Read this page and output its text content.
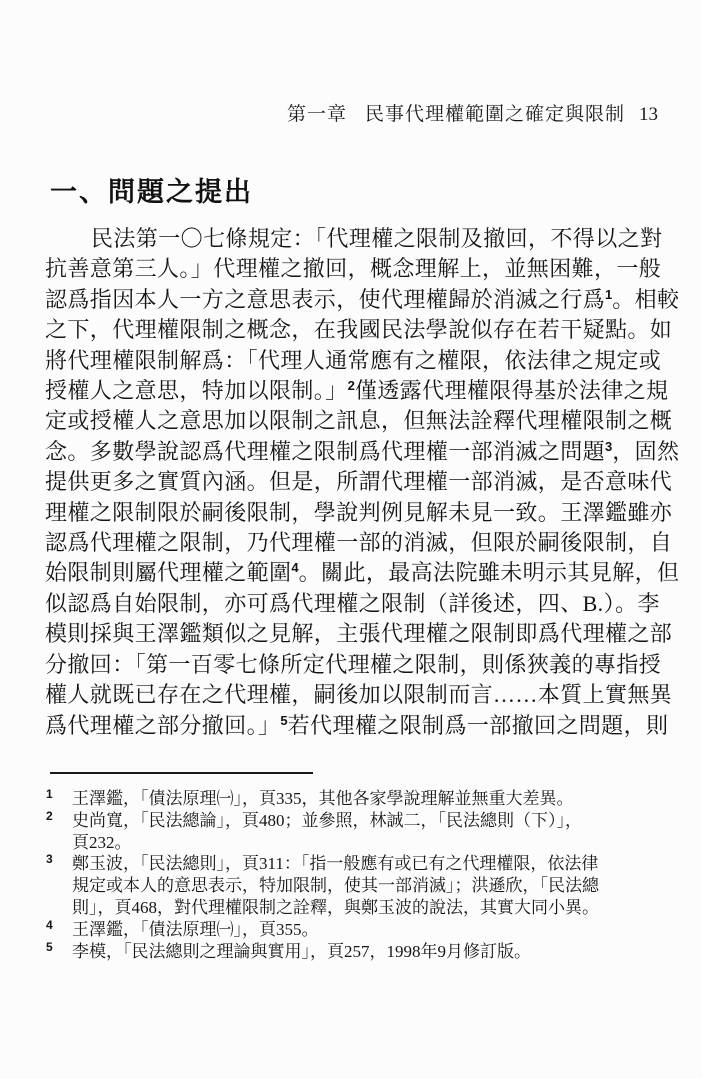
第一章 民事代理權範圍之確定與限制 13
一、問題之提出
民法第一〇七條規定：「代理權之限制及撤回，不得以之對
抗善意第三人。」代理權之撤回，概念理解上，並無困難，一般
認爲指因本人一方之意思表示，使代理權歸於消滅之行爲$^1$。相較
之下，代理權限制之概念，在我國民法學說似存在若干疑點。如
將代理權限制解爲：「代理人通常應有之權限，依法律之規定或
授權人之意思，特加以限制。」$^2$僅透露代理權限得基於法律之規
定或授權人之意思加以限制之訊息，但無法詮釋代理權限制之概
念。多數學說認爲代理權之限制爲代理權一部消滅之問題$^3$，固然
提供更多之實質內涵。但是，所謂代理權一部消滅，是否意味代
理權之限制限於嗣後限制，學說判例見解未見一致。王澤鑑雖亦
認爲代理權之限制，乃代理權一部的消滅，但限於嗣後限制，自
始限制則屬代理權之範圍$^4$。關此，最高法院雖未明示其見解，但
似認爲自始限制，亦可爲代理權之限制（詳後述，四、B.）。李
模則採與王澤鑑類似之見解，主張代理權之限制即爲代理權之部
分撤回：「第一百零七條所定代理權之限制，則係狹義的專指授
權人就既已存在之代理權，嗣後加以限制而言……本質上實無異
爲代理權之部分撤回。」$^5$若代理權之限制爲一部撤回之問題，則
1	王澤鑑，「債法原理㈠」，頁335，其他各家學說理解並無重大差異。
2	史尚寬，「民法總論」，頁480；並參照，林誠二，「民法總則（下）」，
頁232。
3	鄭玉波，「民法總則」，頁311：「指一般應有或已有之代理權限，依法律
規定或本人的意思表示，特加限制，使其一部消滅」；洪遜欣，「民法總
則」，頁468，對代理權限制之詮釋，與鄭玉波的說法，其實大同小異。
4	王澤鑑，「債法原理㈠」，頁355。
5	李模，「民法總則之理論與實用」，頁257，1998年9月修訂版。
